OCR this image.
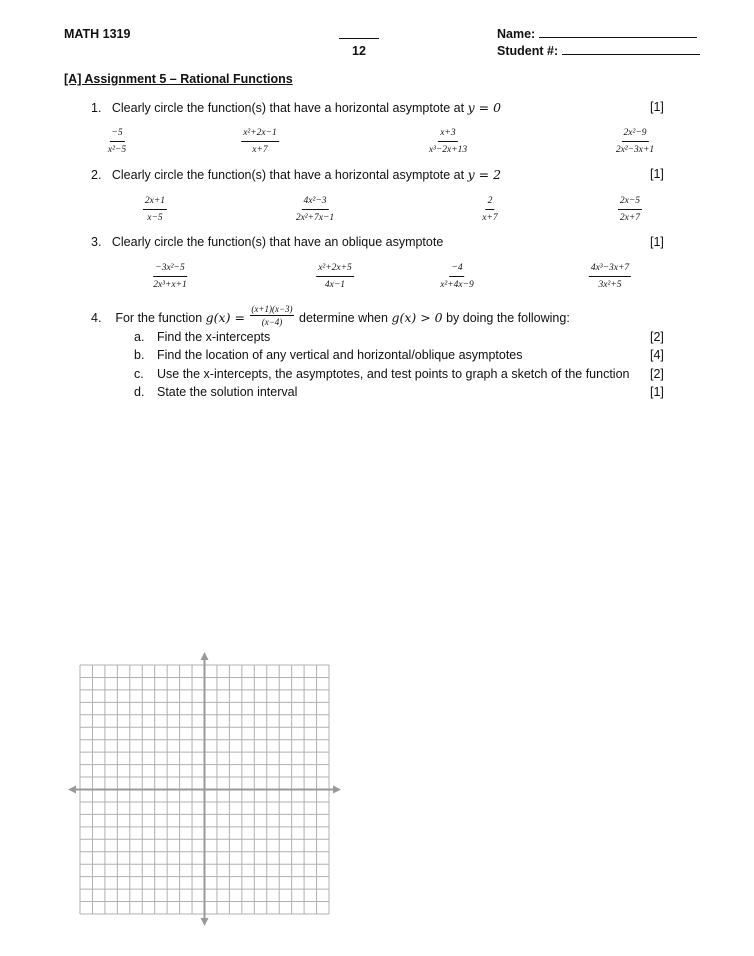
MATH 1319
12
Name:
Student #:
[A] Assignment 5 – Rational Functions
1. Clearly circle the function(s) that have a horizontal asymptote at y = 0	[1]
$\frac{-5}{\text{x²−5}}$	$\frac{\text{x²+2x−1}}{x+7}$	$\frac{x+3}{\text{x³−2x+13}}$	$\frac{\text{2x²−9}}{\text{2x²−3x+1}}$
2. Clearly circle the function(s) that have a horizontal asymptote at y = 2	[1]
$\frac{2x+1}{x-5}$	$\frac{\text{4x²−3}}{\text{2x²+7x−1}}$	$\frac{2}{x+7}$	$\frac{2x-5}{2x+7}$
3. Clearly circle the function(s) that have an oblique asymptote	[1]
$\frac{\text{−3x²−5}}{\text{2x³+x+1}}$	$\frac{\text{x²+2x+5}}{4x-1}$	$\frac{-4}{\text{x²+4x−9}}$	$\frac{\text{4x³−3x+7}}{\text{3x²+5}}$
4. For the function $g(x) = \frac{(x+1)(x-3)}{(x-4)}$ determine when g(x) > 0 by doing the following:
a. Find the x-intercepts	[2]
b. Find the location of any vertical and horizontal/oblique asymptotes	[4]
c. Use the x-intercepts, the asymptotes, and test points to graph a sketch of the function [2]
d. State the solution interval	[1]
